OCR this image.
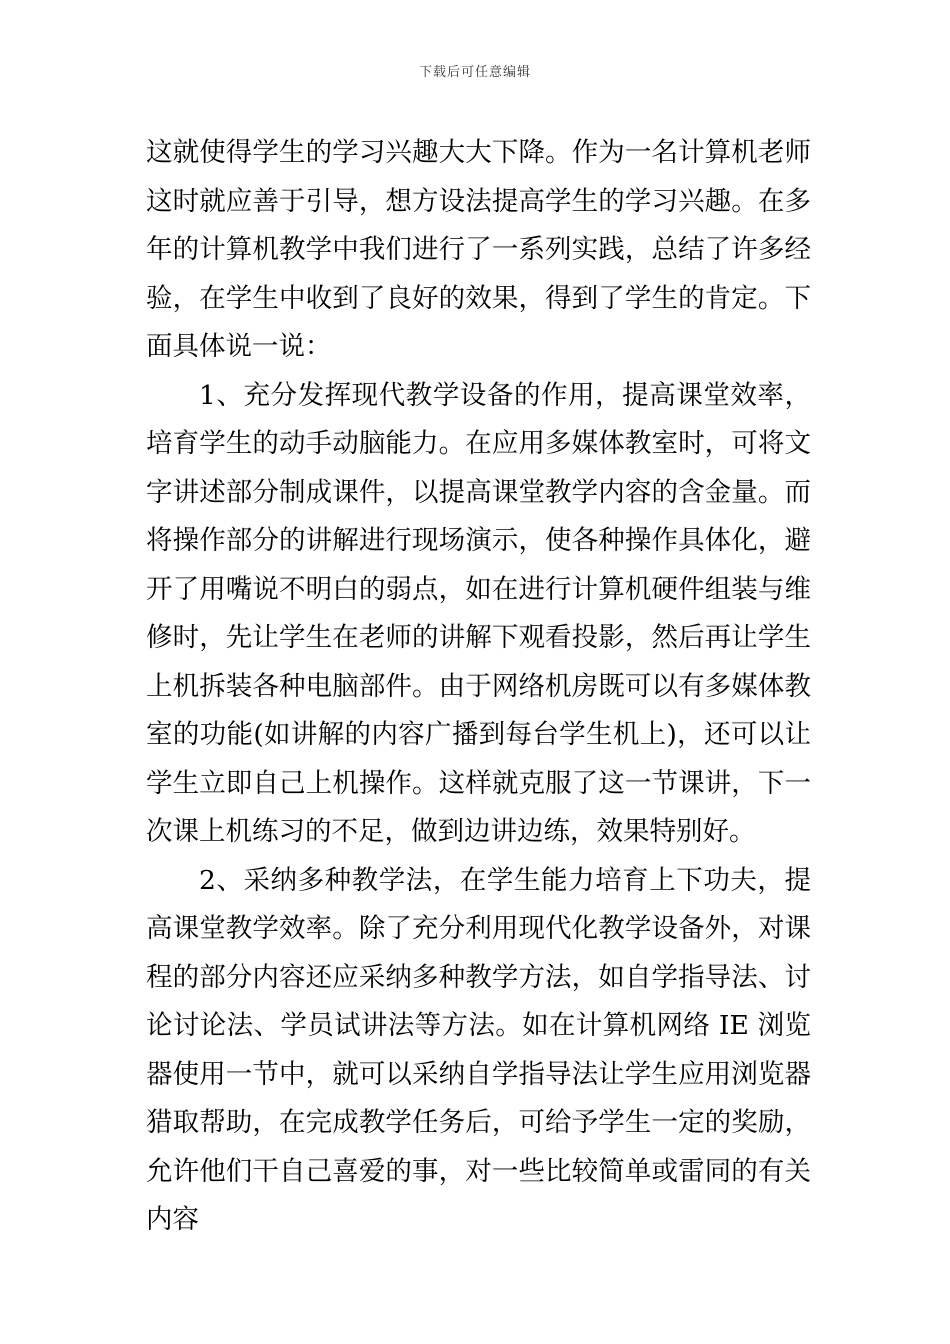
下载后可任意编辑

这就使得学生的学习兴趣大大下降。作为一名计算机老师这时就应善于引导，想方设法提高学生的学习兴趣。在多年的计算机教学中我们进行了一系列实践，总结了许多经验，在学生中收到了良好的效果，得到了学生的肯定。下面具体说一说：

1、充分发挥现代教学设备的作用，提高课堂效率，培育学生的动手动脑能力。在应用多媒体教室时，可将文字讲述部分制成课件，以提高课堂教学内容的含金量。而将操作部分的讲解进行现场演示，使各种操作具体化，避开了用嘴说不明白的弱点，如在进行计算机硬件组装与维修时，先让学生在老师的讲解下观看投影，然后再让学生上机拆装各种电脑部件。由于网络机房既可以有多媒体教室的功能(如讲解的内容广播到每台学生机上)，还可以让学生立即自己上机操作。这样就克服了这一节课讲，下一次课上机练习的不足，做到边讲边练，效果特别好。

2、采纳多种教学法，在学生能力培育上下功夫，提高课堂教学效率。除了充分利用现代化教学设备外，对课程的部分内容还应采纳多种教学方法，如自学指导法、讨论讨论法、学员试讲法等方法。如在计算机网络 IE 浏览器使用一节中，就可以采纳自学指导法让学生应用浏览器猎取帮助，在完成教学任务后，可给予学生一定的奖励，允许他们干自己喜爱的事，对一些比较简单或雷同的有关内容
